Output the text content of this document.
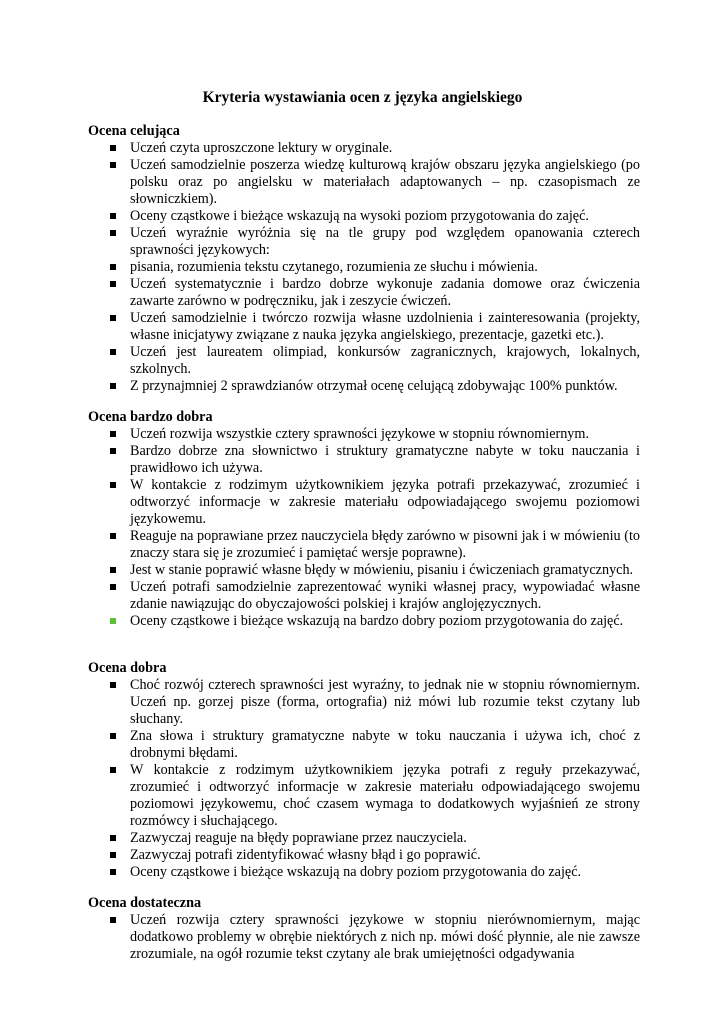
Kryteria wystawiania ocen z języka angielskiego
Ocena celująca
Uczeń czyta uproszczone lektury w oryginale.
Uczeń samodzielnie poszerza wiedzę kulturową krajów obszaru języka angielskiego (po polsku oraz po angielsku w materiałach adaptowanych – np. czasopismach ze słowniczkiem).
Oceny cząstkowe i bieżące wskazują na wysoki poziom przygotowania do zajęć.
Uczeń wyraźnie wyróżnia się na tle grupy pod względem opanowania czterech sprawności językowych:
pisania, rozumienia tekstu czytanego, rozumienia ze słuchu i mówienia.
Uczeń systematycznie i bardzo dobrze wykonuje zadania domowe oraz ćwiczenia zawarte zarówno w podręczniku, jak i zeszycie ćwiczeń.
Uczeń samodzielnie i twórczo rozwija własne uzdolnienia i zainteresowania (projekty, własne inicjatywy związane z nauka języka angielskiego, prezentacje, gazetki etc.).
Uczeń jest laureatem olimpiad, konkursów zagranicznych, krajowych, lokalnych, szkolnych.
Z przynajmniej 2 sprawdzianów otrzymał ocenę celującą zdobywając 100% punktów.
Ocena bardzo dobra
Uczeń rozwija wszystkie cztery sprawności językowe w stopniu równomiernym.
Bardzo dobrze zna słownictwo i struktury gramatyczne nabyte w toku nauczania i prawidłowo ich używa.
W kontakcie z rodzimym użytkownikiem języka potrafi przekazywać, zrozumieć i odtworzyć informacje w zakresie materiału odpowiadającego swojemu poziomowi językowemu.
Reaguje na poprawiane przez nauczyciela błędy zarówno w pisowni jak i w mówieniu (to znaczy stara się je zrozumieć i pamiętać wersje poprawne).
Jest w stanie poprawić własne błędy w mówieniu, pisaniu i ćwiczeniach gramatycznych.
Uczeń potrafi samodzielnie zaprezentować wyniki własnej pracy, wypowiadać własne zdanie nawiązując do obyczajowości polskiej i krajów anglojęzycznych.
Oceny cząstkowe i bieżące wskazują na bardzo dobry poziom przygotowania do zajęć.
Ocena dobra
Choć rozwój czterech sprawności jest wyraźny, to jednak nie w stopniu równomiernym. Uczeń np. gorzej pisze (forma, ortografia) niż mówi lub rozumie tekst czytany lub słuchany.
Zna słowa i struktury gramatyczne nabyte w toku nauczania i używa ich, choć z drobnymi błędami.
W kontakcie z rodzimym użytkownikiem języka potrafi z reguły przekazywać, zrozumieć i odtworzyć informacje w zakresie materiału odpowiadającego swojemu poziomowi językowemu, choć czasem wymaga to dodatkowych wyjaśnień ze strony rozmówcy i słuchającego.
Zazwyczaj reaguje na błędy poprawiane przez nauczyciela.
Zazwyczaj potrafi zidentyfikować własny błąd i go poprawić.
Oceny cząstkowe i bieżące wskazują na dobry poziom przygotowania do zajęć.
Ocena dostateczna
Uczeń rozwija cztery sprawności językowe w stopniu nierównomiernym, mając dodatkowo problemy w obrębie niektórych z nich np. mówi dość płynnie, ale nie zawsze zrozumiale, na ogół rozumie tekst czytany ale brak umiejętności odgadywania
